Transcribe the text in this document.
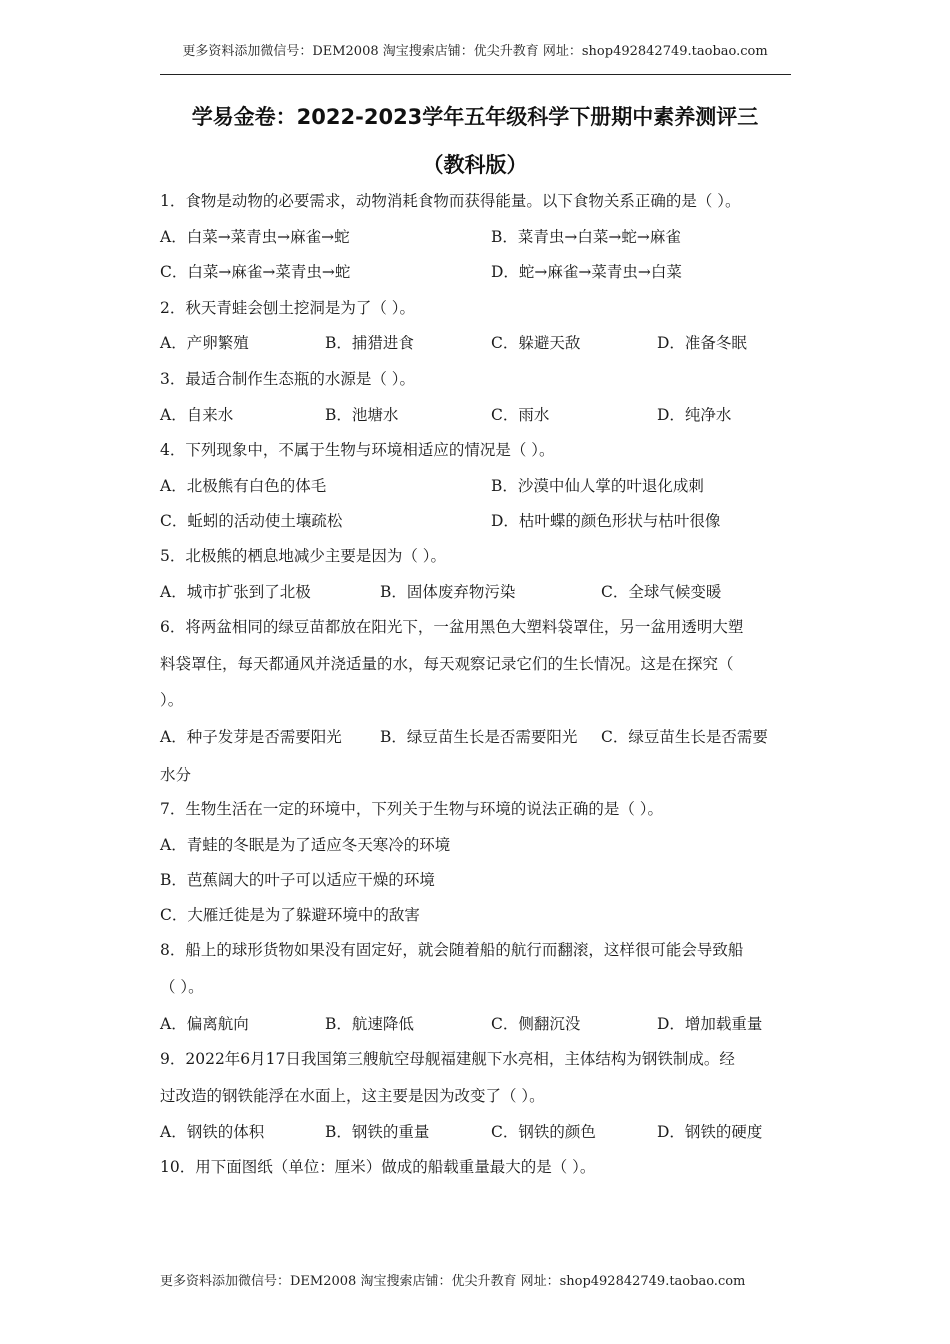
更多资料添加微信号：DEM2008 淘宝搜索店铺：优尖升教育 网址：shop492842749.taobao.com
学易金卷：2022-2023学年五年级科学下册期中素养测评三
（教科版）
1．食物是动物的必要需求，动物消耗食物而获得能量。以下食物关系正确的是（ ）。
A．白菜→菜青虫→麻雀→蛇	B．菜青虫→白菜→蛇→麻雀
C．白菜→麻雀→菜青虫→蛇	D．蛇→麻雀→菜青虫→白菜
2．秋天青蛙会刨土挖洞是为了（ ）。
A．产卵繁殖	B．捕猎进食	C．躲避天敌	D．准备冬眠
3．最适合制作生态瓶的水源是（ ）。
A．自来水	B．池塘水	C．雨水	D．纯净水
4．下列现象中，不属于生物与环境相适应的情况是（ ）。
A．北极熊有白色的体毛	B．沙漠中仙人掌的叶退化成刺
C．蚯蚓的活动使土壤疏松	D．枯叶蝶的颜色形状与枯叶很像
5．北极熊的栖息地减少主要是因为（ ）。
A．城市扩张到了北极	B．固体废弃物污染	C．全球气候变暖
6．将两盆相同的绿豆苗都放在阳光下，一盆用黑色大塑料袋罩住，另一盆用透明大塑
料袋罩住，每天都通风并浇适量的水，每天观察记录它们的生长情况。这是在探究（
）。
A．种子发芽是否需要阳光 B．绿豆苗生长是否需要阳光 C．绿豆苗生长是否需要
水分
7．生物生活在一定的环境中，下列关于生物与环境的说法正确的是（ ）。
A．青蛙的冬眠是为了适应冬天寒冷的环境
B．芭蕉阔大的叶子可以适应干燥的环境
C．大雁迁徙是为了躲避环境中的敌害
8．船上的球形货物如果没有固定好，就会随着船的航行而翻滚，这样很可能会导致船
（ ）。
A．偏离航向	B．航速降低	C．侧翻沉没	D．增加载重量
9．2022年6月17日我国第三艘航空母舰福建舰下水亮相，主体结构为钢铁制成。经
过改造的钢铁能浮在水面上，这主要是因为改变了（ ）。
A．钢铁的体积	B．钢铁的重量	C．钢铁的颜色	D．钢铁的硬度
10．用下面图纸（单位：厘米）做成的船载重量最大的是（ ）。
更多资料添加微信号：DEM2008 淘宝搜索店铺：优尖升教育 网址：shop492842749.taobao.com
